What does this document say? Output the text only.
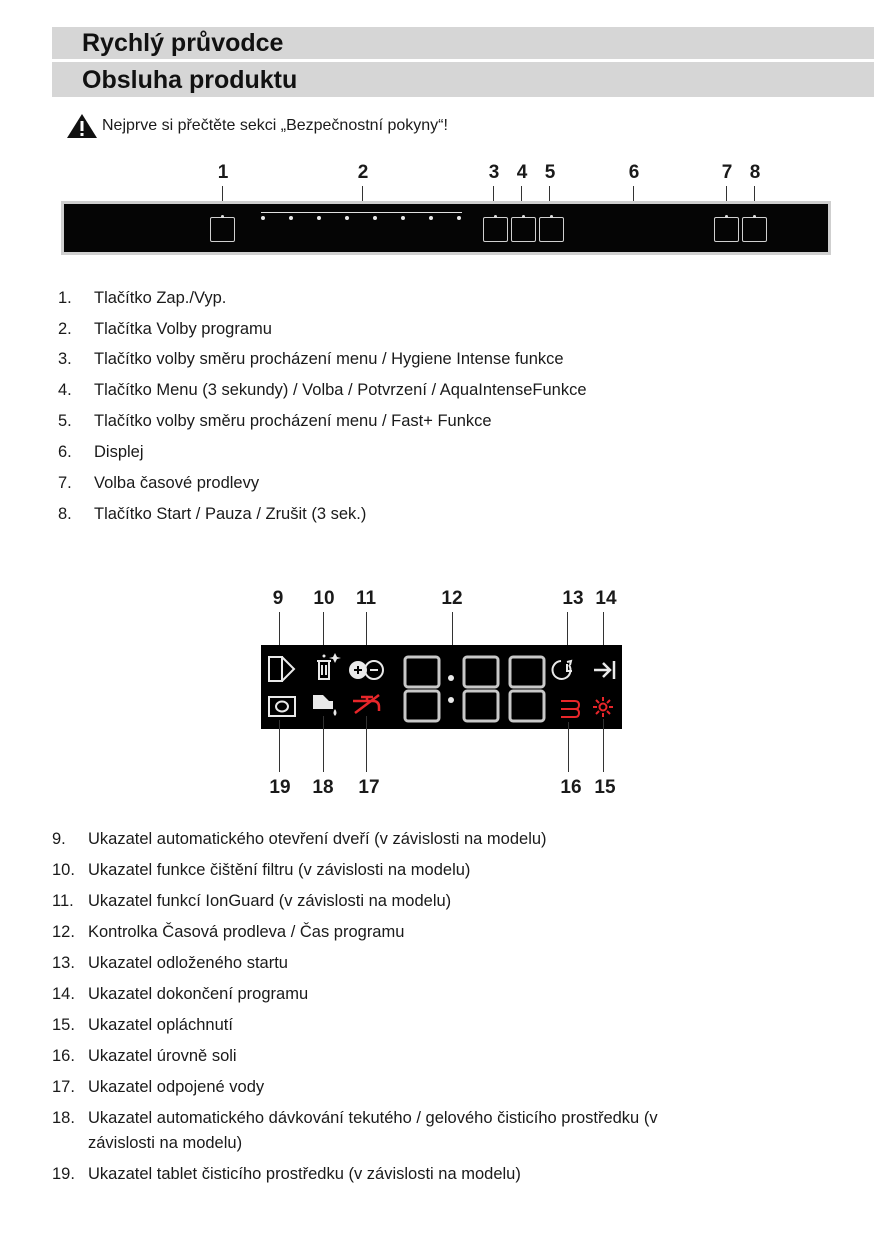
Rychlý průvodce
Obsluha produktu
Nejprve si přečtěte sekci „Bezpečnostní pokyny“!
1	2	3 4 5	6	7 8
1. Tlačítko Zap./Vyp.
2. Tlačítka Volby programu
3. Tlačítko volby směru procházení menu / Hygiene Intense funkce
4. Tlačítko Menu (3 sekundy) / Volba / Potvrzení / AquaIntenseFunkce
5. Tlačítko volby směru procházení menu / Fast+ Funkce
6. Displej
7. Volba časové prodlevy
8. Tlačítko Start / Pauza / Zrušit (3 sek.)
9	10	11	12	13 14
19	18	17	16 15
9. Ukazatel automatického otevření dveří (v závislosti na modelu)
10. Ukazatel funkce čištění filtru (v závislosti na modelu)
11. Ukazatel funkcí IonGuard (v závislosti na modelu)
12. Kontrolka Časová prodleva / Čas programu
13. Ukazatel odloženého startu
14. Ukazatel dokončení programu
15. Ukazatel opláchnutí
16. Ukazatel úrovně soli
17. Ukazatel odpojené vody
18. Ukazatel automatického dávkování tekutého / gelového čisticího prostředku (v
závislosti na modelu)
19. Ukazatel tablet čisticího prostředku (v závislosti na modelu)
